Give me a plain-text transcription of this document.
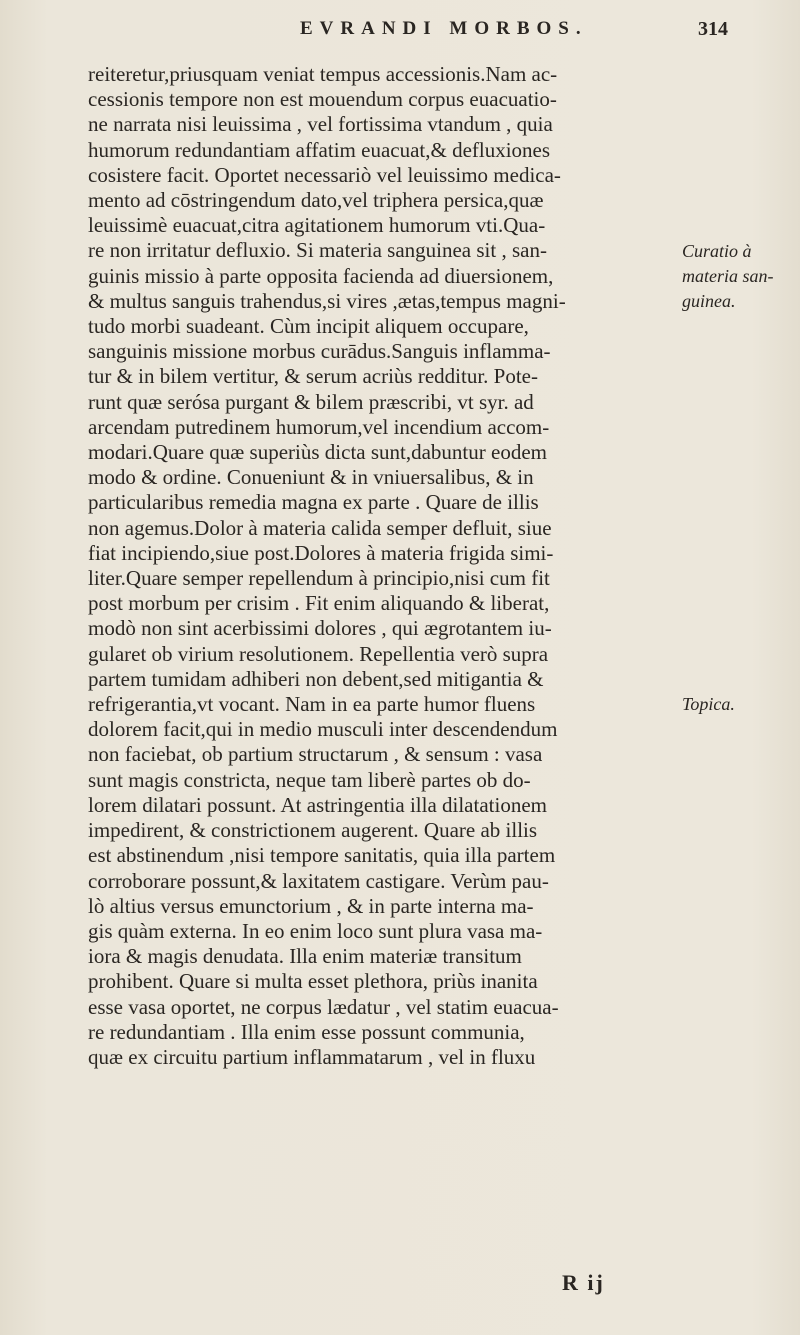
EVRANDI MORBOS.	314
reiteretur,priusquam veniat tempus accessionis.Nam ac-
cessionis tempore non est mouendum corpus euacuatio-
ne narrata nisi leuissima , vel fortissima vtandum , quia
humorum redundantiam affatim euacuat,& defluxiones
cosistere facit. Oportet necessariò vel leuissimo medica-
mento ad cōstringendum dato,vel triphera persica,quæ
leuissimè euacuat,citra agitationem humorum vti.Qua-
re non irritatur defluxio. Si materia sanguinea sit , san-
guinis missio à parte opposita facienda ad diuersionem,
& multus sanguis trahendus,si vires ,ætas,tempus magni-
tudo morbi suadeant. Cùm incipit aliquem occupare,
sanguinis missione morbus curādus.Sanguis inflamma-
tur & in bilem vertitur, & serum acriùs redditur. Pote-
runt quæ serósa purgant & bilem præscribi, vt syr. ad
arcendam putredinem humorum,vel incendium accom-
modari.Quare quæ superiùs dicta sunt,dabuntur eodem
modo & ordine. Conueniunt & in vniuersalibus, & in
particularibus remedia magna ex parte . Quare de illis
non agemus.Dolor à materia calida semper defluit, siue
fiat incipiendo,siue post.Dolores à materia frigida simi-
liter.Quare semper repellendum à principio,nisi cum fit
post morbum per crisim . Fit enim aliquando & liberat,
modò non sint acerbissimi dolores , qui ægrotantem iu-
gularet ob virium resolutionem. Repellentia verò supra
partem tumidam adhiberi non debent,sed mitigantia &
refrigerantia,vt vocant. Nam in ea parte humor fluens
dolorem facit,qui in medio musculi inter descendendum
non faciebat, ob partium structarum , & sensum : vasa
sunt magis constricta, neque tam liberè partes ob do-
lorem dilatari possunt. At astringentia illa dilatationem
impedirent, & constrictionem augerent. Quare ab illis
est abstinendum ,nisi tempore sanitatis, quia illa partem
corroborare possunt,& laxitatem castigare. Verùm pau-
lò altius versus emunctorium , & in parte interna ma-
gis quàm externa. In eo enim loco sunt plura vasa ma-
iora & magis denudata. Illa enim materiæ transitum
prohibent. Quare si multa esset plethora, priùs inanita
esse vasa oportet, ne corpus lædatur , vel statim euacua-
re redundantiam . Illa enim esse possunt communia,
quæ ex circuitu partium inflammatarum , vel in fluxu
Curatio à
materia san-
guinea.
Topica.
R ij
